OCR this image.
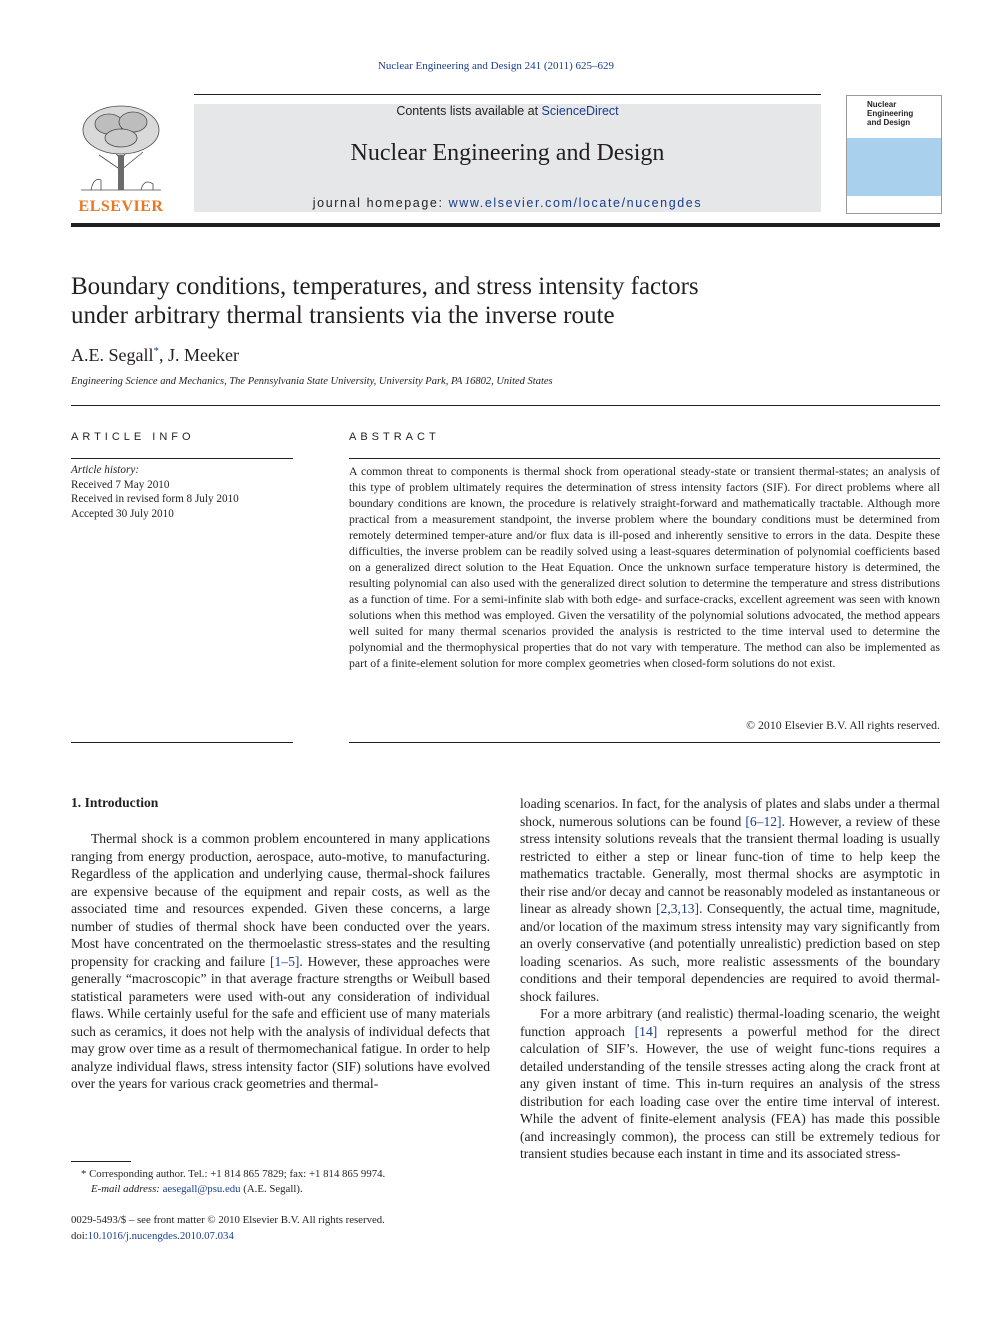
Nuclear Engineering and Design 241 (2011) 625–629
ELSEVIER
Contents lists available at ScienceDirect
Nuclear Engineering and Design
journal homepage: www.elsevier.com/locate/nucengdes
Nuclear Engineering
and Design
Boundary conditions, temperatures, and stress intensity factors
under arbitrary thermal transients via the inverse route
A.E. Segall*, J. Meeker
Engineering Science and Mechanics, The Pennsylvania State University, University Park, PA 16802, United States
ARTICLE INFO	ABSTRACT
Article history:
Received 7 May 2010
Received in revised form 8 July 2010
Accepted 30 July 2010

A common threat to components is thermal shock from operational steady-state or transient thermal-states; an analysis of this type of problem ultimately requires the determination of stress intensity factors (SIF). For direct problems where all boundary conditions are known, the procedure is relatively straight-forward and mathematically tractable. Although more practical from a measurement standpoint, the inverse problem where the boundary conditions must be determined from remotely determined temper-ature and/or flux data is ill-posed and inherently sensitive to errors in the data. Despite these difficulties, the inverse problem can be readily solved using a least-squares determination of polynomial coefficients based on a generalized direct solution to the Heat Equation. Once the unknown surface temperature history is determined, the resulting polynomial can also used with the generalized direct solution to determine the temperature and stress distributions as a function of time. For a semi-infinite slab with both edge- and surface-cracks, excellent agreement was seen with known solutions when this method was employed. Given the versatility of the polynomial solutions advocated, the method appears well suited for many thermal scenarios provided the analysis is restricted to the time interval used to determine the polynomial and the thermophysical properties that do not vary with temperature. The method can also be implemented as part of a finite-element solution for more complex geometries when closed-form solutions do not exist.

© 2010 Elsevier B.V. All rights reserved.
1. Introduction

Thermal shock is a common problem encountered in many applications ranging from energy production, aerospace, auto-motive, to manufacturing. Regardless of the application and underlying cause, thermal-shock failures are expensive because of the equipment and repair costs, as well as the associated time and resources expended. Given these concerns, a large number of studies of thermal shock have been conducted over the years. Most have concentrated on the thermoelastic stress-states and the resulting propensity for cracking and failure [1–5]. However, these approaches were generally “macroscopic” in that average fracture strengths or Weibull based statistical parameters were used with-out any consideration of individual flaws. While certainly useful for the safe and efficient use of many materials such as ceramics, it does not help with the analysis of individual defects that may grow over time as a result of thermomechanical fatigue. In order to help analyze individual flaws, stress intensity factor (SIF) solutions have evolved over the years for various crack geometries and thermal-

loading scenarios. In fact, for the analysis of plates and slabs under a thermal shock, numerous solutions can be found [6–12]. However, a review of these stress intensity solutions reveals that the transient thermal loading is usually restricted to either a step or linear func-tion of time to help keep the mathematics tractable. Generally, most thermal shocks are asymptotic in their rise and/or decay and cannot be reasonably modeled as instantaneous or linear as already shown [2,3,13]. Consequently, the actual time, magnitude, and/or location of the maximum stress intensity may vary significantly from an overly conservative (and potentially unrealistic) prediction based on step loading scenarios. As such, more realistic assessments of the boundary conditions and their temporal dependencies are required to avoid thermal-shock failures.

For a more arbitrary (and realistic) thermal-loading scenario, the weight function approach [14] represents a powerful method for the direct calculation of SIF’s. However, the use of weight func-tions requires a detailed understanding of the tensile stresses acting along the crack front at any given instant of time. This in-turn requires an analysis of the stress distribution for each loading case over the entire time interval of interest. While the advent of finite-element analysis (FEA) has made this possible (and increasingly common), the process can still be extremely tedious for transient studies because each instant in time and its associated stress-

* Corresponding author. Tel.: +1 814 865 7829; fax: +1 814 865 9974.
E-mail address: aesegall@psu.edu (A.E. Segall).
0029-5493/$ – see front matter © 2010 Elsevier B.V. All rights reserved.
doi:10.1016/j.nucengdes.2010.07.034
